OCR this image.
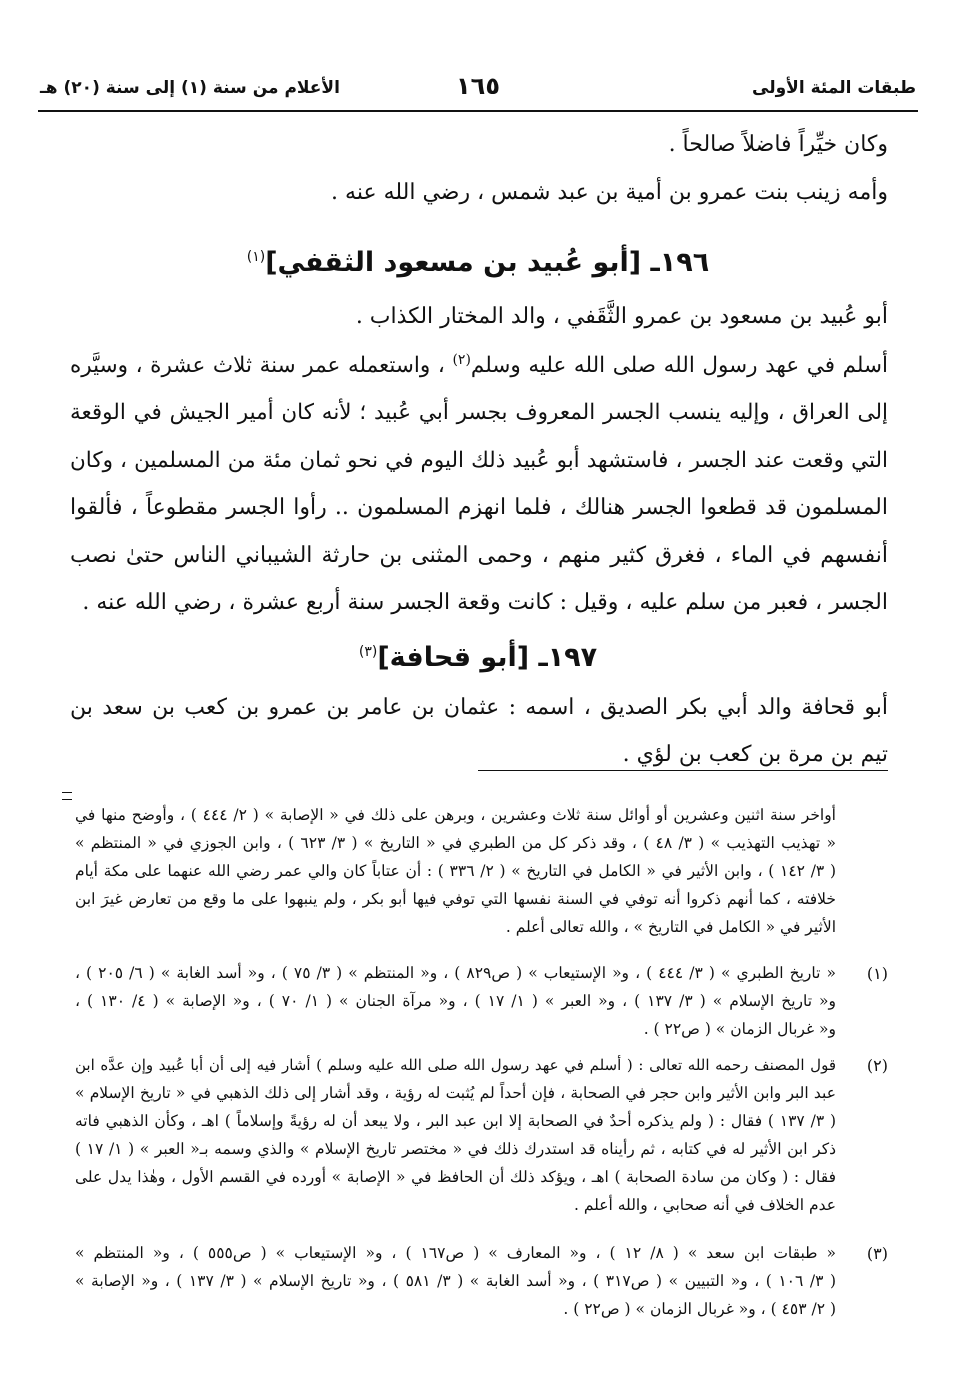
طبقات المئة الأولى
١٦٥
الأعلام من سنة (١) إلى سنة (٢٠) هـ
وكان خيِّراً فاضلاً صالحاً .
وأمه زينب بنت عمرو بن أمية بن عبد شمس ، رضي الله عنه .
١٩٦ـ [أبو عُبيد بن مسعود الثقفي]$^{(١)}$
أبو عُبيد بن مسعود بن عمرو الثَّقَفي ، والد المختار الكذاب .
أسلم في عهد رسول الله صلى الله عليه وسلم$^{(٢)}$ ، واستعمله عمر سنة ثلاث عشرة ، وسيَّره
إلى العراق ، وإليه ينسب الجسر المعروف بجسر أبي عُبيد ؛ لأنه كان أمير الجيش في الوقعة
التي وقعت عند الجسر ، فاستشهد أبو عُبيد ذلك اليوم في نحو ثمان مئة من المسلمين ، وكان
المسلمون قد قطعوا الجسر هنالك ، فلما انهزم المسلمون .. رأوا الجسر مقطوعاً ، فألقوا
أنفسهم في الماء ، فغرق كثير منهم ، وحمى المثنى بن حارثة الشيباني الناس حتىٰ نصب
الجسر ، فعبر من سلم عليه ، وقيل : كانت وقعة الجسر سنة أربع عشرة ، رضي الله عنه .
١٩٧ـ [أبو قحافة]$^{(٣)}$
أبو قحافة والد أبي بكر الصديق ، اسمه : عثمان بن عامر بن عمرو بن كعب بن سعد بن
تيم بن مرة بن كعب بن لؤي .
أواخر سنة اثنين وعشرين أو أوائل سنة ثلاث وعشرين ، وبرهن على ذلك في « الإصابة » ( ٢/ ٤٤٤ ) ، وأوضح منها في
« تهذيب التهذيب » ( ٣/ ٤٨ ) ، وقد ذكر كل من الطبري في « التاريخ » ( ٣/ ٦٢٣ ) ، وابن الجوزي في « المنتظم »
( ٣/ ١٤٢ ) ، وابن الأثير في « الكامل في التاريخ » ( ٢/ ٣٣٦ ) : أن عتاباً كان والي عمر رضي الله عنهما على مكة أيام
خلافته ، كما أنهم ذكروا أنه توفي في السنة نفسها التي توفي فيها أبو بكر ، ولم ينبهوا على ما وقع من تعارض غيرَ ابن
الأثير في « الكامل في التاريخ » ، والله تعالى أعلم .
(١)
« تاريخ الطبري » ( ٣/ ٤٤٤ ) ، و« الإستيعاب » ( ص٨٢٩ ) ، و« المنتظم » ( ٣/ ٧٥ ) ، و« أسد الغابة » ( ٦/ ٢٠٥ ) ،
و« تاريخ الإسلام » ( ٣/ ١٣٧ ) ، و« العبر » ( ١/ ١٧ ) ، و« مرآة الجنان » ( ١/ ٧٠ ) ، و« الإصابة » ( ٤/ ١٣٠ ) ،
و« غربال الزمان » ( ص٢٢ ) .
(٢)
قول المصنف رحمه الله تعالى : ( أسلم في عهد رسول الله صلى الله عليه وسلم ) أشار فيه إلى أن أبا عُبيد وإن عدَّه ابن
عبد البر وابن الأثير وابن حجر في الصحابة ، فإن أحداً لم يُثبت له رؤية ، وقد أشار إلى ذلك الذهبي في « تاريخ الإسلام »
( ٣/ ١٣٧ ) فقال : ( ولم يذكره أحدٌ في الصحابة إلا ابن عبد البر ، ولا يبعد أن له رؤيةً وإسلاماً ) اهـ ، وكأن الذهبي فاته
ذكر ابن الأثير له في كتابه ، ثم رأيناه قد استدرك ذلك في « مختصر تاريخ الإسلام » والذي وسمه بـ« العبر » ( ١/ ١٧ )
فقال : ( وكان من سادة الصحابة ) اهـ ، ويؤكد ذلك أن الحافظ في « الإصابة » أورده في القسم الأول ، وهٰذا يدل على
عدم الخلاف في أنه صحابي ، والله أعلم .
(٣)
« طبقات ابن سعد » ( ٨/ ١٢ ) ، و« المعارف » ( ص١٦٧ ) ، و« الإستيعاب » ( ص٥٥٥ ) ، و« المنتظم »
( ٣/ ١٠٦ ) ، و« التبيين » ( ص٣١٧ ) ، و« أسد الغابة » ( ٣/ ٥٨١ ) ، و« تاريخ الإسلام » ( ٣/ ١٣٧ ) ، و« الإصابة »
( ٢/ ٤٥٣ ) ، و« غربال الزمان » ( ص٢٢ ) .
